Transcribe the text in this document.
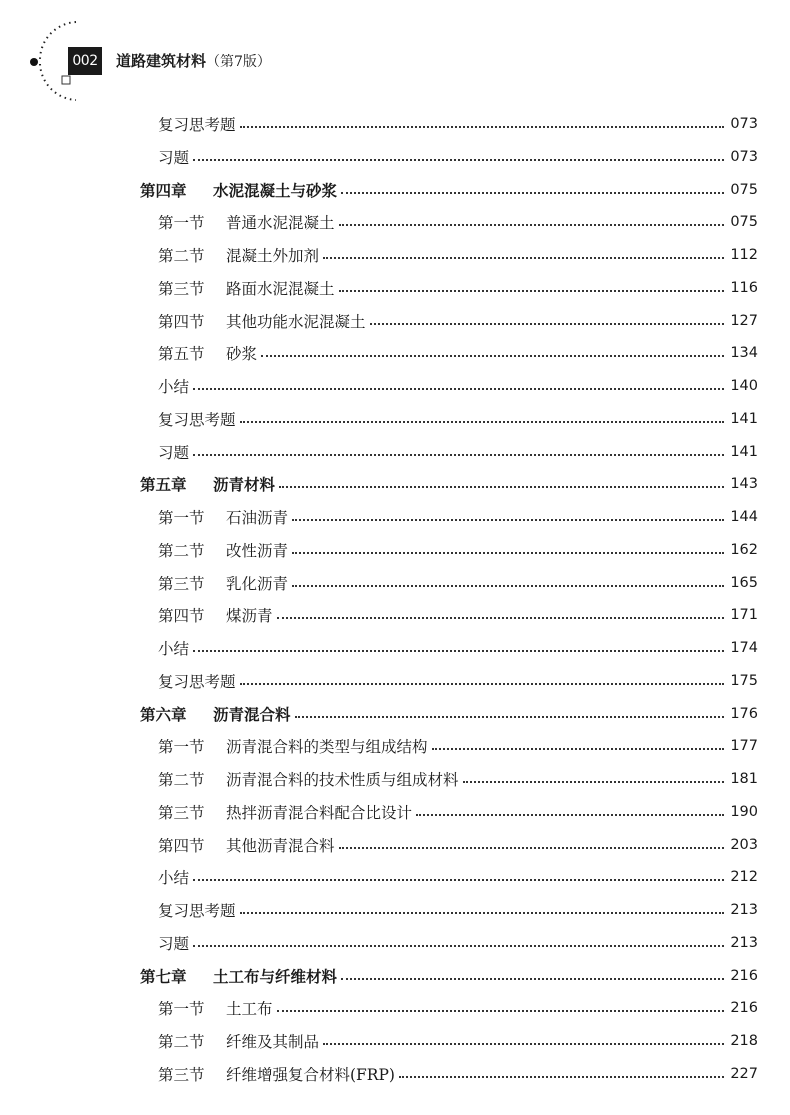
002 道路建筑材料（第7版）
复习思考题	073
习题	073
第四章	水泥混凝土与砂浆	075
第一节	普通水泥混凝土	075
第二节	混凝土外加剂	112
第三节	路面水泥混凝土	116
第四节	其他功能水泥混凝土	127
第五节	砂浆	134
小结	140
复习思考题	141
习题	141
第五章	沥青材料	143
第一节	石油沥青	144
第二节	改性沥青	162
第三节	乳化沥青	165
第四节	煤沥青	171
小结	174
复习思考题	175
第六章	沥青混合料	176
第一节	沥青混合料的类型与组成结构	177
第二节	沥青混合料的技术性质与组成材料	181
第三节	热拌沥青混合料配合比设计	190
第四节	其他沥青混合料	203
小结	212
复习思考题	213
习题	213
第七章	土工布与纤维材料	216
第一节	土工布	216
第二节	纤维及其制品	218
第三节	纤维增强复合材料(FRP)	227
